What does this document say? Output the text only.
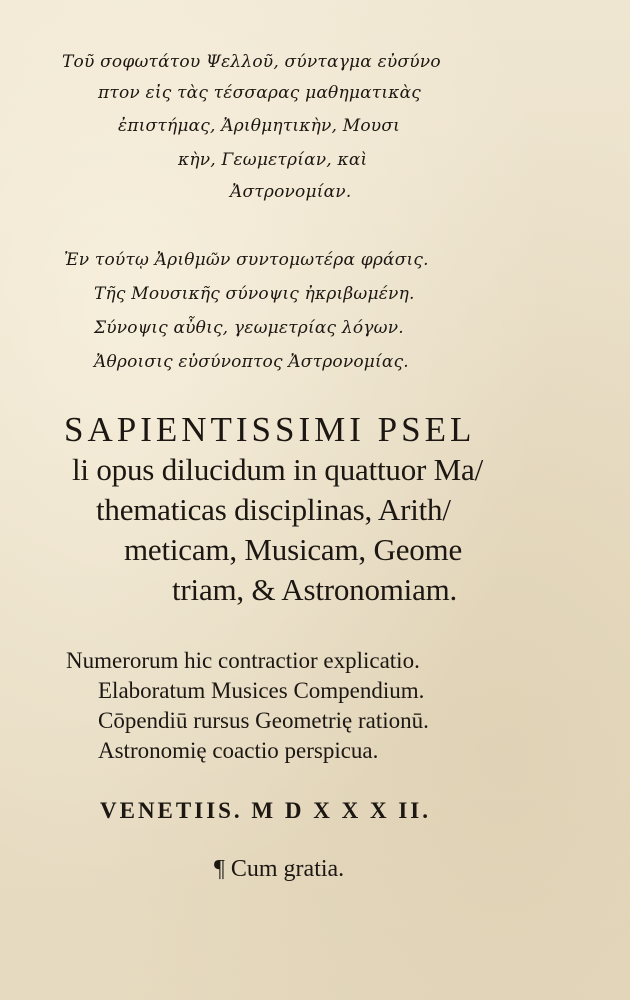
Τοῦ σοφωτάτου Ψελλοῦ, σύνταγμα εὐσύνο
πτον εἰς τὰς τέσσαρας μαθηματικὰς
ἐπιστήμας, Ἀριθμητικὴν, Μουσι
κὴν, Γεωμετρίαν, καὶ
Ἀστρονομίαν.
Ἐν τούτῳ Ἀριθμῶν συντομωτέρα φράσις.
Τῆς Μουσικῆς σύνοψις ἠκριβωμένη.
Σύνοψις αὖθις, γεωμετρίας λόγων.
Ἀθροισις εὐσύνοπτος Ἀστρονομίας.
SAPIENTISSIMI PSEL
li opus dilucidum in quattuor Ma/
thematicas disciplinas, Arith/
meticam, Musicam, Geome
triam, & Astronomiam.
Numerorum hic contractior explicatio.
Elaboratum Musices Compendium.
Cōpendiū rursus Geometrię rationū.
Astronomię coactio perspicua.
VENETIIS. M D X X X II.
¶ Cum gratia.
